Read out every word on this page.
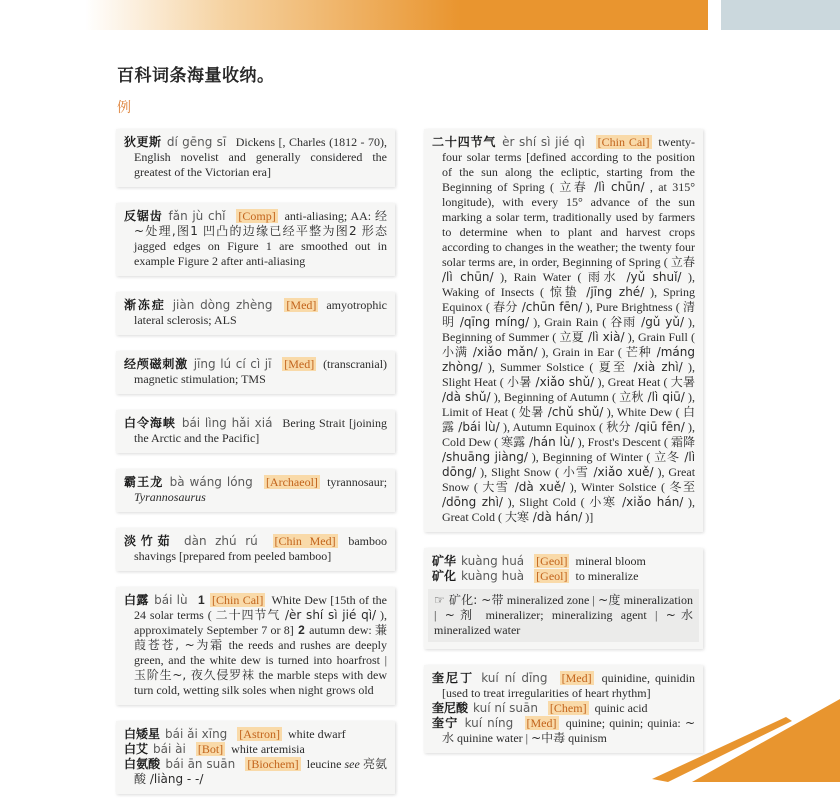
百科词条海量收纳。
例

狄更斯 dí gēng sī Dickens [, Charles (1812 - 70), English novelist and generally considered the greatest of the Victorian era]

反锯齿 fǎn jù chǐ [Comp] anti-aliasing; AA: 经~处理,图1 凹凸的边缘已经平整为图2 形态 jagged edges on Figure 1 are smoothed out in example Figure 2 after anti-aliasing

渐冻症 jiàn dòng zhèng [Med] amyotrophic lateral sclerosis; ALS

经颅磁刺激 jīng lú cí cì jī [Med] (transcranial) magnetic stimulation; TMS

白令海峡 bái lìng hǎi xiá Bering Strait [joining the Arctic and the Pacific]

霸王龙 bà wáng lóng [Archaeol] tyrannosaur; Tyrannosaurus

淡竹茹 dàn zhú rú [Chin Med] bamboo shavings [prepared from peeled bamboo]

白露 bái lù 1 [Chin Cal] White Dew [15th of the 24 solar terms ( 二十四节气 /èr shí sì jié qì/ ), approximately September 7 or 8] 2 autumn dew: 蒹葭苍苍, ~为霜 the reeds and rushes are deeply green, and the white dew is turned into hoarfrost | 玉阶生~, 夜久侵罗袜 the marble steps with dew turn cold, wetting silk soles when night grows old

白矮星 bái ǎi xīng [Astron] white dwarf

白艾 bái ài [Bot] white artemisia

白氨酸 bái ān suān [Biochem] leucine see 亮氨酸 /liàng - -/

二十四节气 èr shí sì jié qì [Chin Cal] twenty-four solar terms [defined according to the position of the sun along the ecliptic, starting from the Beginning of Spring ( 立春 /lì chūn/ , at 315° longitude), with every 15° advance of the sun marking a solar term, traditionally used by farmers to determine when to plant and harvest crops according to changes in the weather; the twenty four solar terms are, in order, Beginning of Spring ( 立春 /lì chūn/ ), Rain Water ( 雨水 /yǔ shuǐ/ ), Waking of Insects ( 惊蛰 /jīng zhé/ ), Spring Equinox ( 春分 /chūn fēn/ ), Pure Brightness ( 清明 /qīng míng/ ), Grain Rain ( 谷雨 /gǔ yǔ/ ), Beginning of Summer ( 立夏 /lì xià/ ), Grain Full ( 小满 /xiǎo mǎn/ ), Grain in Ear ( 芒种 /máng zhòng/ ), Summer Solstice ( 夏至 /xià zhì/ ), Slight Heat ( 小暑 /xiǎo shǔ/ ), Great Heat ( 大暑 /dà shǔ/ ), Beginning of Autumn ( 立秋 /lì qiū/ ), Limit of Heat ( 处暑 /chǔ shǔ/ ), White Dew ( 白露 /bái lù/ ), Autumn Equinox ( 秋分 /qiū fēn/ ), Cold Dew ( 寒露 /hán lù/ ), Frost's Descent ( 霜降 /shuāng jiàng/ ), Beginning of Winter ( 立冬 /lì dōng/ ), Slight Snow ( 小雪 /xiǎo xuě/ ), Great Snow ( 大雪 /dà xuě/ ), Winter Solstice ( 冬至 /dōng zhì/ ), Slight Cold ( 小寒 /xiǎo hán/ ), Great Cold ( 大寒 /dà hán/ )]

矿华 kuàng huá [Geol] mineral bloom

矿化 kuàng huà [Geol] to mineralize

☞ 矿化: ~带 mineralized zone | ~度 mineralization | ~剂 mineralizer; mineralizing agent | ~水 mineralized water

奎尼丁 kuí ní dīng [Med] quinidine, quinidin [used to treat irregularities of heart rhythm]

奎尼酸 kuí ní suān [Chem] quinic acid

奎宁 kuí níng [Med] quinine; quinin; quinia: ~水 quinine water | ~中毒 quinism
